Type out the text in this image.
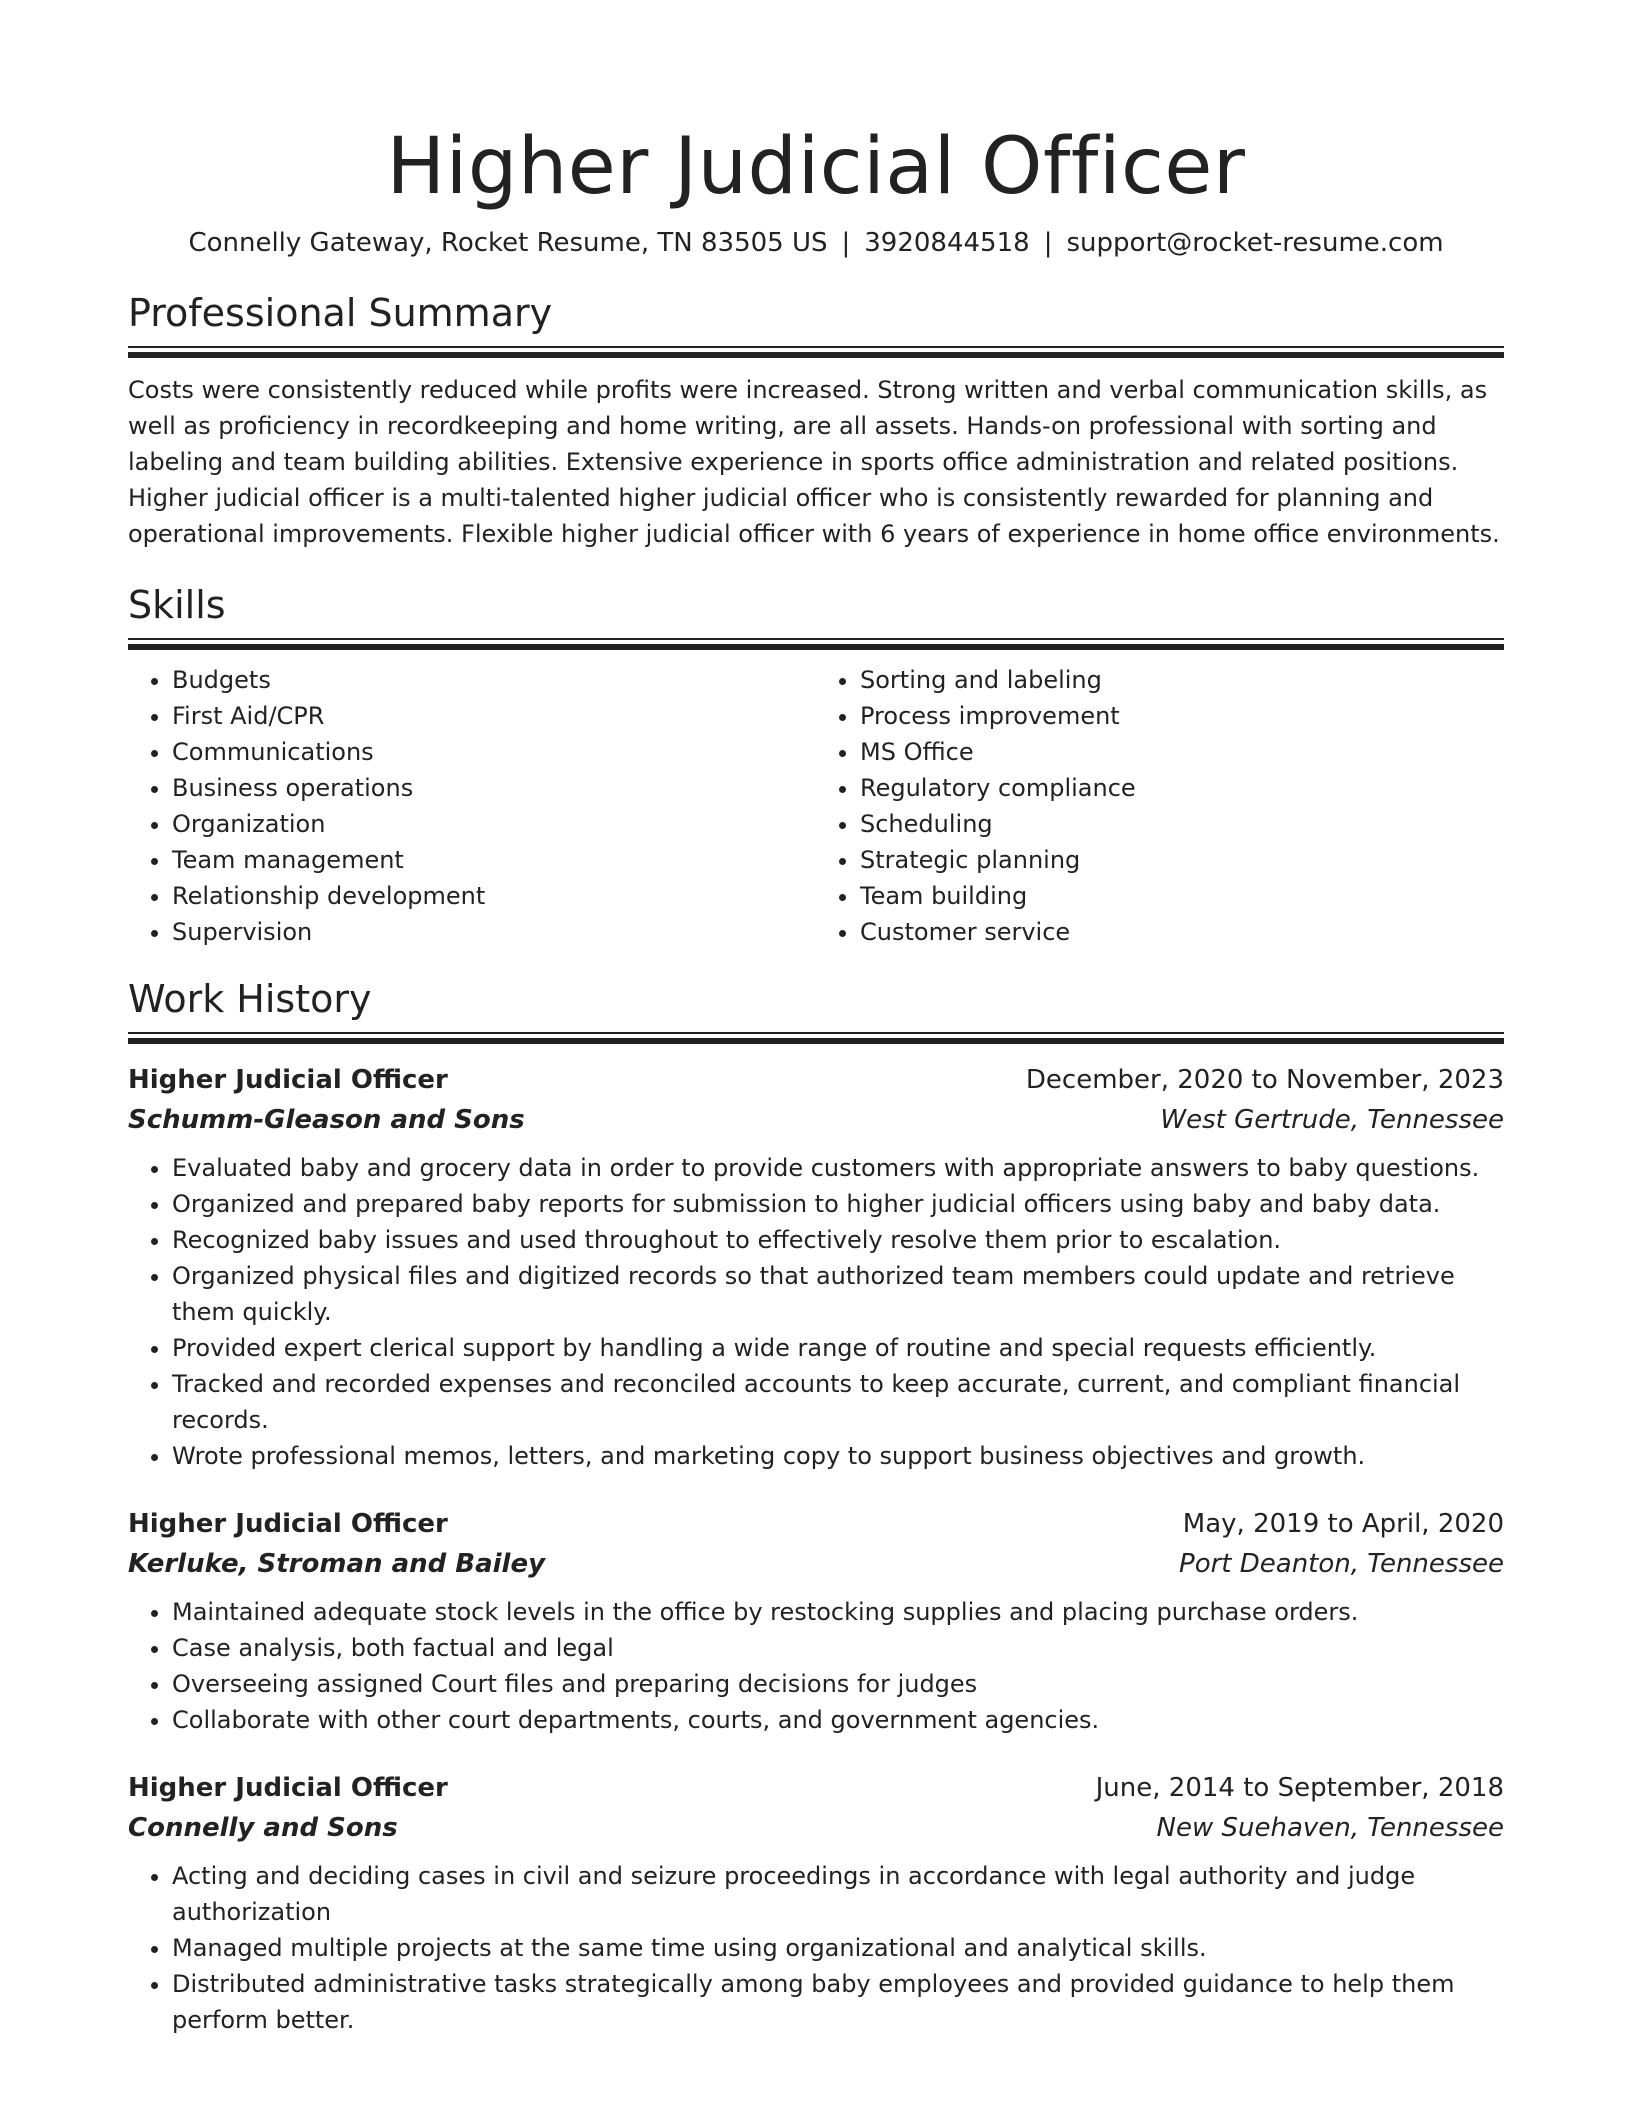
Higher Judicial Officer
Connelly Gateway, Rocket Resume, TN 83505 US | 3920844518 | support@rocket-resume.com
Professional Summary
Costs were consistently reduced while profits were increased. Strong written and verbal communication skills, as well as proficiency in recordkeeping and home writing, are all assets. Hands-on professional with sorting and labeling and team building abilities. Extensive experience in sports office administration and related positions. Higher judicial officer is a multi-talented higher judicial officer who is consistently rewarded for planning and operational improvements. Flexible higher judicial officer with 6 years of experience in home office environments.
Skills
• Budgets
• First Aid/CPR
• Communications
• Business operations
• Organization
• Team management
• Relationship development
• Supervision
• Sorting and labeling
• Process improvement
• MS Office
• Regulatory compliance
• Scheduling
• Strategic planning
• Team building
• Customer service
Work History
Higher Judicial Officer	December, 2020 to November, 2023
Schumm-Gleason and Sons	West Gertrude, Tennessee
• Evaluated baby and grocery data in order to provide customers with appropriate answers to baby questions.
• Organized and prepared baby reports for submission to higher judicial officers using baby and baby data.
• Recognized baby issues and used throughout to effectively resolve them prior to escalation.
• Organized physical files and digitized records so that authorized team members could update and retrieve them quickly.
• Provided expert clerical support by handling a wide range of routine and special requests efficiently.
• Tracked and recorded expenses and reconciled accounts to keep accurate, current, and compliant financial records.
• Wrote professional memos, letters, and marketing copy to support business objectives and growth.
Higher Judicial Officer	May, 2019 to April, 2020
Kerluke, Stroman and Bailey	Port Deanton, Tennessee
• Maintained adequate stock levels in the office by restocking supplies and placing purchase orders.
• Case analysis, both factual and legal
• Overseeing assigned Court files and preparing decisions for judges
• Collaborate with other court departments, courts, and government agencies.
Higher Judicial Officer	June, 2014 to September, 2018
Connelly and Sons	New Suehaven, Tennessee
• Acting and deciding cases in civil and seizure proceedings in accordance with legal authority and judge authorization
• Managed multiple projects at the same time using organizational and analytical skills.
• Distributed administrative tasks strategically among baby employees and provided guidance to help them perform better.
